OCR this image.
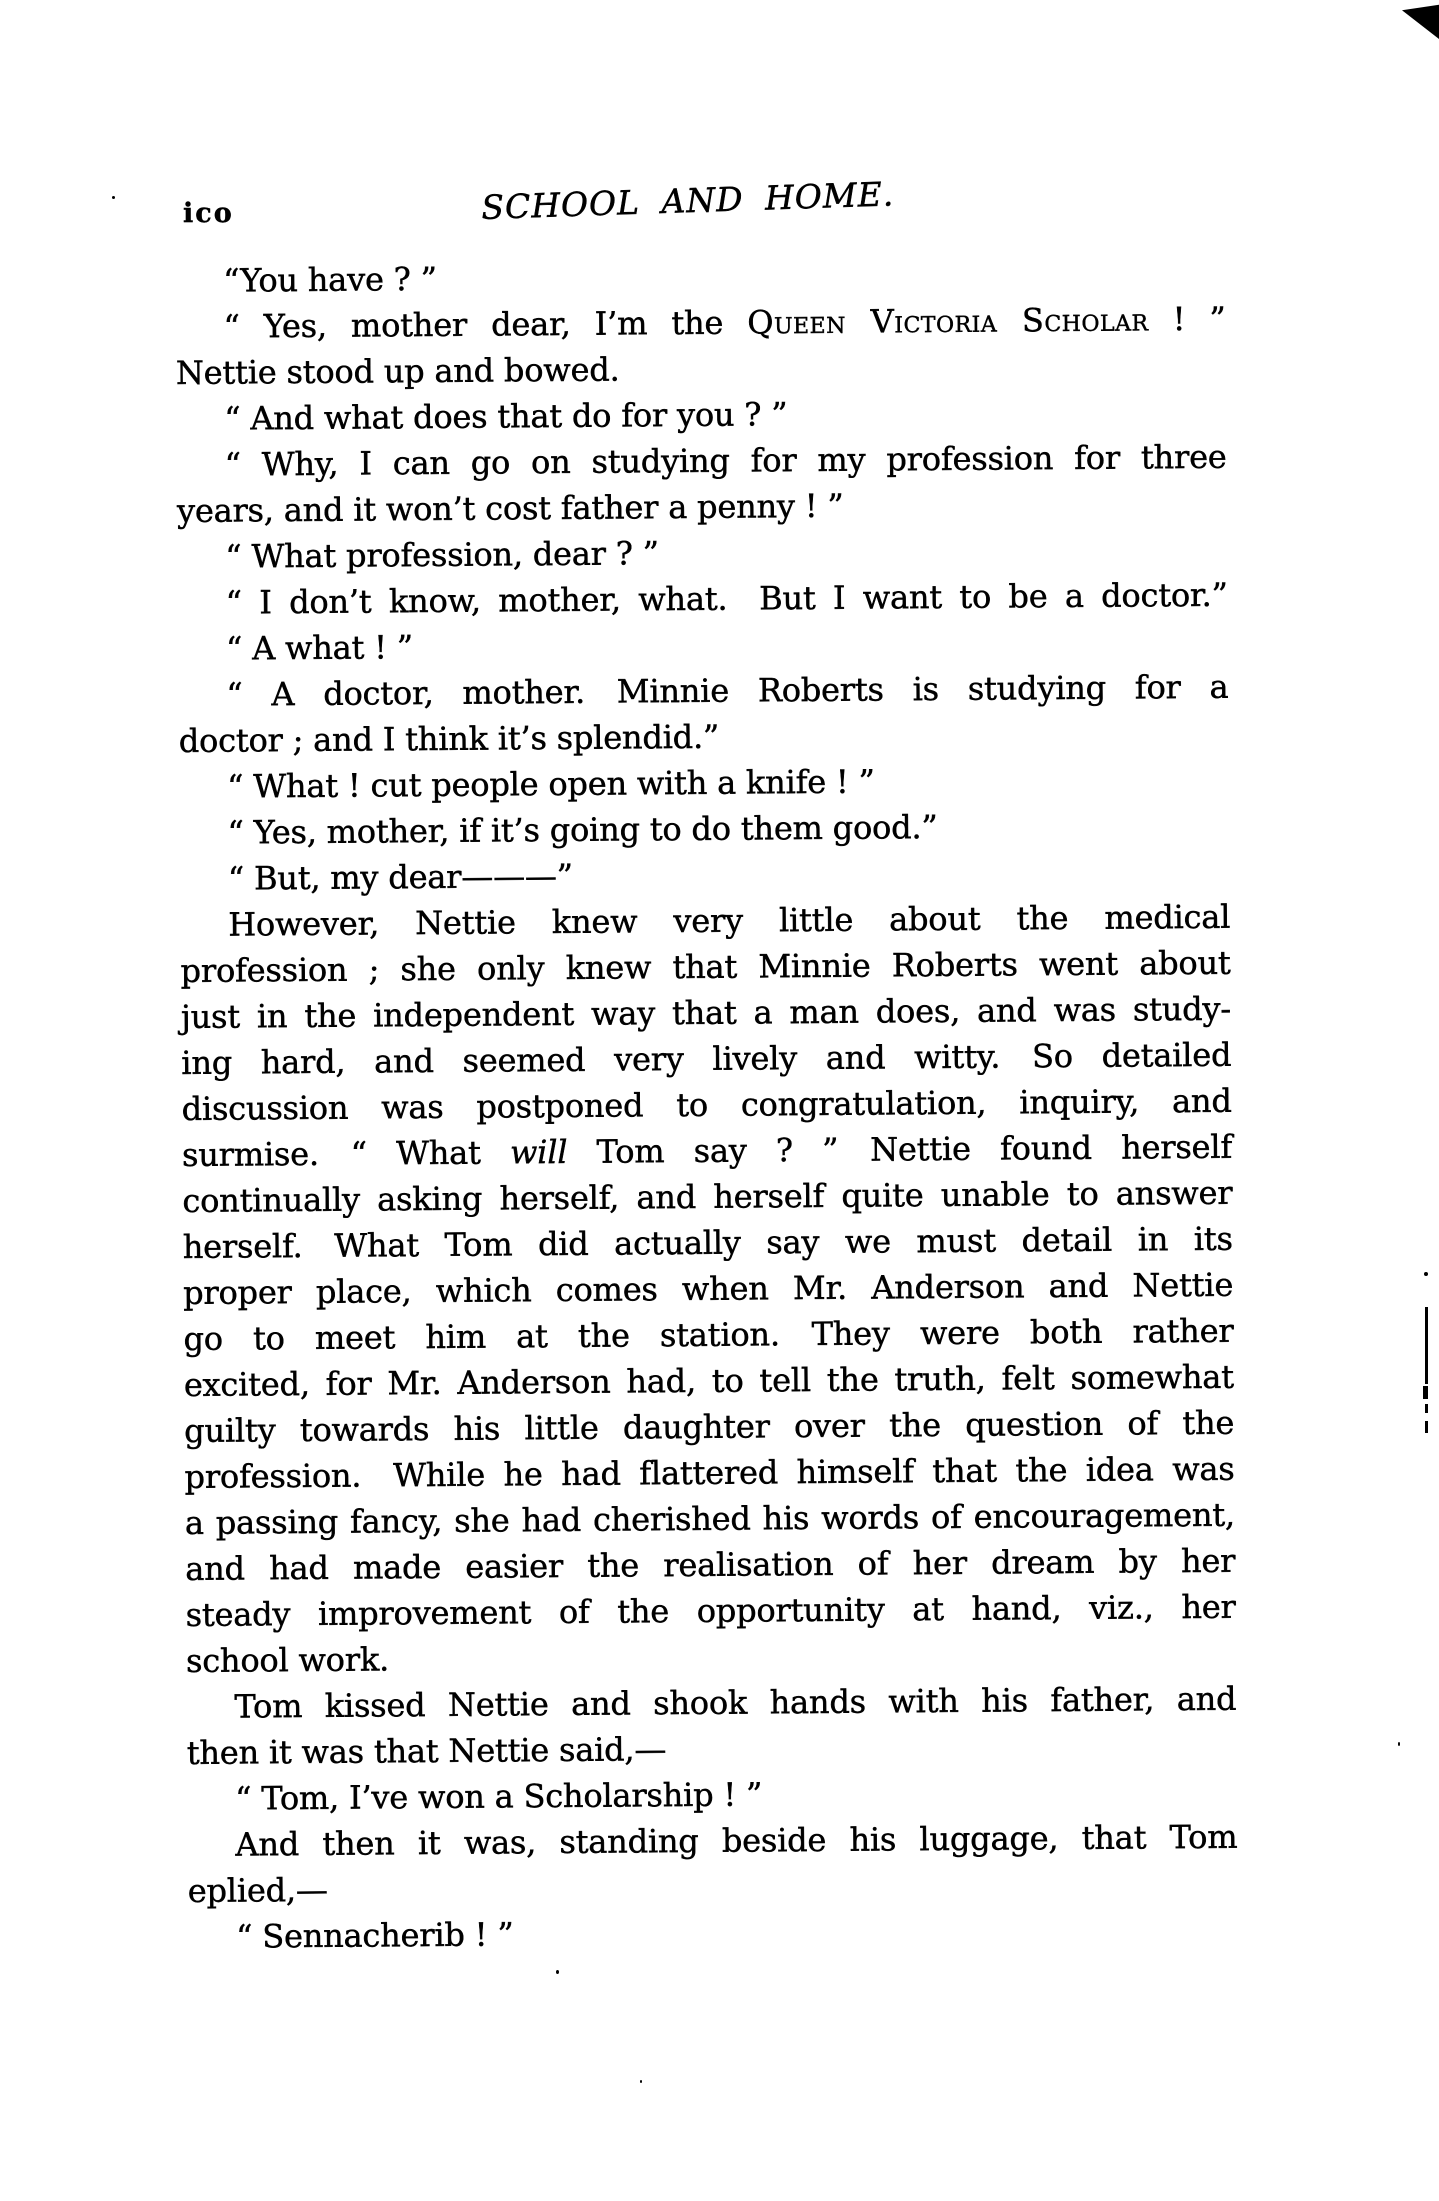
ico	SCHOOL AND HOME.
“You have ? ”
“ Yes, mother dear, I’m the Queen Victoria Scholar ! ”
Nettie stood up and bowed.
“ And what does that do for you ? ”
“ Why, I can go on studying for my profession for three
years, and it won’t cost father a penny ! ”
“ What profession, dear ? ”
“ I don’t know, mother, what. But I want to be a doctor.”
“ A what ! ”
“ A doctor, mother. Minnie Roberts is studying for a
doctor ; and I think it’s splendid.”
“ What ! cut people open with a knife ! ”
“ Yes, mother, if it’s going to do them good.”
“ But, my dear———”
However, Nettie knew very little about the medical
profession ; she only knew that Minnie Roberts went about
just in the independent way that a man does, and was study-
ing hard, and seemed very lively and witty. So detailed
discussion was postponed to congratulation, inquiry, and
surmise. “ What will Tom say ? ” Nettie found herself
continually asking herself, and herself quite unable to answer
herself. What Tom did actually say we must detail in its
proper place, which comes when Mr. Anderson and Nettie
go to meet him at the station. They were both rather
excited, for Mr. Anderson had, to tell the truth, felt somewhat
guilty towards his little daughter over the question of the
profession. While he had flattered himself that the idea was
a passing fancy, she had cherished his words of encouragement,
and had made easier the realisation of her dream by her
steady improvement of the opportunity at hand, viz., her
school work.
Tom kissed Nettie and shook hands with his father, and
then it was that Nettie said,—
“ Tom, I’ve won a Scholarship ! ”
And then it was, standing beside his luggage, that Tom
eplied,—
“ Sennacherib ! ”
